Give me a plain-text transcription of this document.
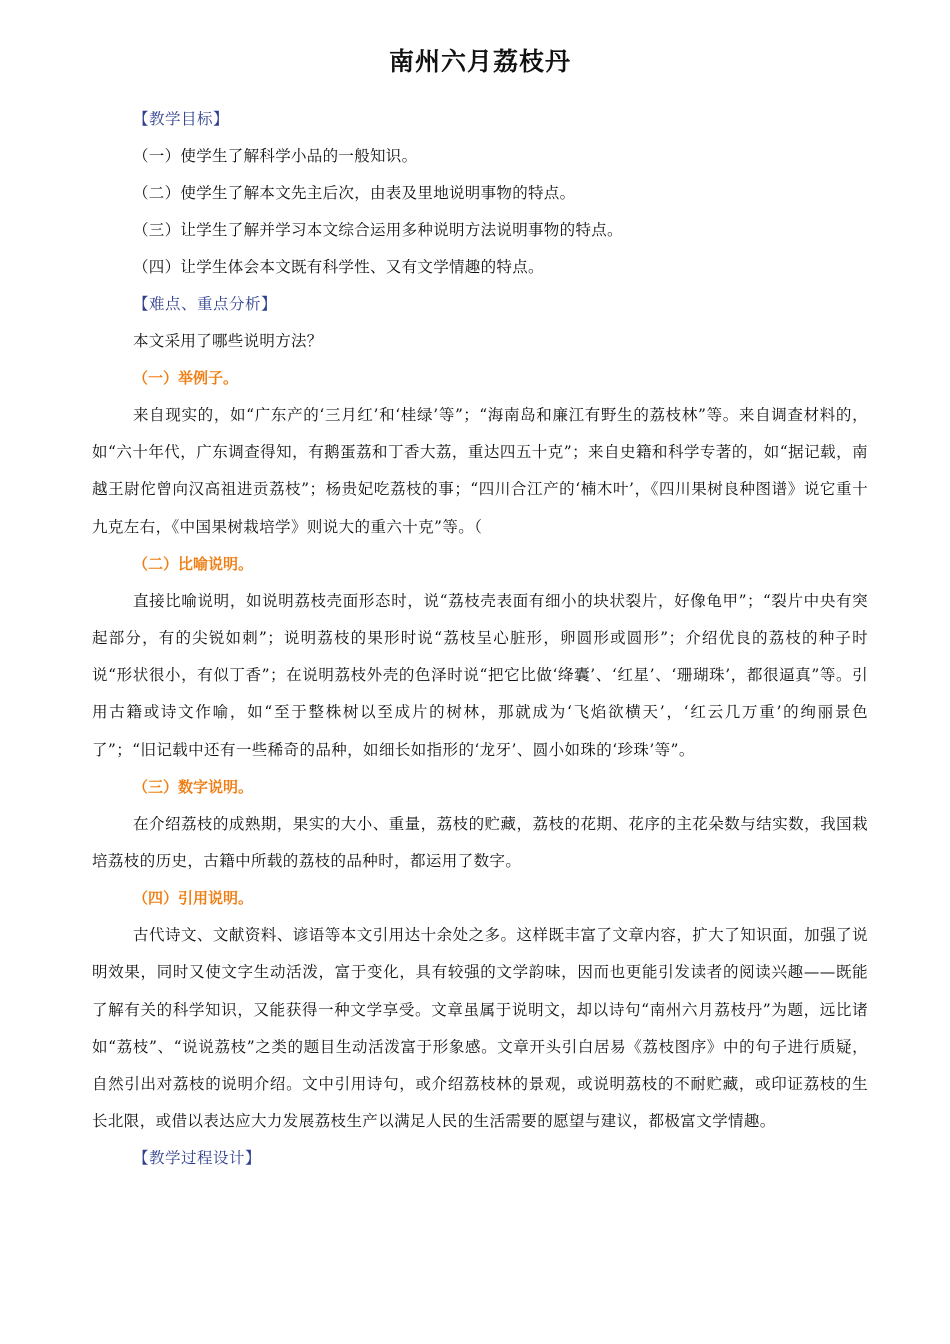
南州六月荔枝丹
【教学目标】
（一）使学生了解科学小品的一般知识。
（二）使学生了解本文先主后次，由表及里地说明事物的特点。
（三）让学生了解并学习本文综合运用多种说明方法说明事物的特点。
（四）让学生体会本文既有科学性、又有文学情趣的特点。
【难点、重点分析】
本文采用了哪些说明方法？
（一）举例子。

来自现实的，如“广东产的‘三月红’和‘桂绿’等”；“海南岛和廉江有野生的荔枝林”等。来自调查材料的，如“六十年代，广东调查得知，有鹅蛋荔和丁香大荔，重达四五十克”；来自史籍和科学专著的，如“据记载，南越王尉佗曾向汉高祖进贡荔枝”；杨贵妃吃荔枝的事；“四川合江产的‘楠木叶’，《四川果树良种图谱》说它重十九克左右，《中国果树栽培学》则说大的重六十克”等。（

（二）比喻说明。

直接比喻说明，如说明荔枝壳面形态时，说“荔枝壳表面有细小的块状裂片，好像龟甲”；“裂片中央有突起部分，有的尖锐如刺”；说明荔枝的果形时说“荔枝呈心脏形，卵圆形或圆形”；介绍优良的荔枝的种子时说“形状很小，有似丁香”；在说明荔枝外壳的色泽时说“把它比做‘绛囊’、‘红星’、‘珊瑚珠’，都很逼真”等。引用古籍或诗文作喻，如“至于整株树以至成片的树林，那就成为‘飞焰欲横天’，‘红云几万重’的绚丽景色了”；“旧记载中还有一些稀奇的品种，如细长如指形的‘龙牙’、圆小如珠的‘珍珠’等”。

（三）数字说明。

在介绍荔枝的成熟期，果实的大小、重量，荔枝的贮藏，荔枝的花期、花序的主花朵数与结实数，我国栽培荔枝的历史，古籍中所载的荔枝的品种时，都运用了数字。

（四）引用说明。

古代诗文、文献资料、谚语等本文引用达十余处之多。这样既丰富了文章内容，扩大了知识面，加强了说明效果，同时又使文字生动活泼，富于变化，具有较强的文学韵味，因而也更能引发读者的阅读兴趣——既能了解有关的科学知识，又能获得一种文学享受。文章虽属于说明文，却以诗句“南州六月荔枝丹”为题，远比诸如“荔枝”、“说说荔枝”之类的题目生动活泼富于形象感。文章开头引白居易《荔枝图序》中的句子进行质疑，自然引出对荔枝的说明介绍。文中引用诗句，或介绍荔枝林的景观，或说明荔枝的不耐贮藏，或印证荔枝的生长北限，或借以表达应大力发展荔枝生产以满足人民的生活需要的愿望与建议，都极富文学情趣。

【教学过程设计】
